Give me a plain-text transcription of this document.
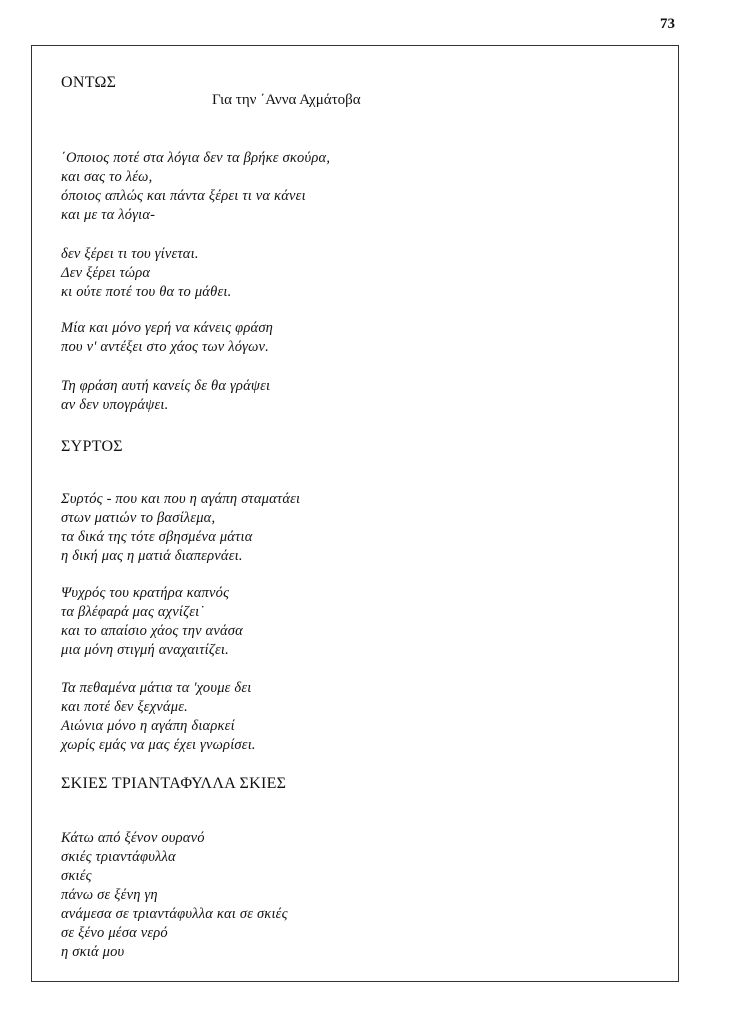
73
ΟΝΤΩΣ
Για την ΄Αννα Αχμάτοβα
΄Οποιος ποτέ στα λόγια δεν τα βρήκε σκούρα,
και σας το λέω,
όποιος απλώς και πάντα ξέρει τι να κάνει
και με τα λόγια-
δεν ξέρει τι του γίνεται.
Δεν ξέρει τώρα
κι ούτε ποτέ του θα το μάθει.
Μία και μόνο γερή να κάνεις φράση
που ν' αντέξει στο χάος των λόγων.
Τη φράση αυτή κανείς δε θα γράψει
αν δεν υπογράψει.
ΣΥΡΤΟΣ
Συρτός - που και που η αγάπη σταματάει
στων ματιών το βασίλεμα,
τα δικά της τότε σβησμένα μάτια
η δική μας η ματιά διαπερνάει.
Ψυχρός του κρατήρα καπνός
τα βλέφαρά μας αχνίζει˙
και το απαίσιο χάος την ανάσα
μια μόνη στιγμή αναχαιτίζει.
Τα πεθαμένα μάτια τα 'χουμε δει
και ποτέ δεν ξεχνάμε.
Αιώνια μόνο η αγάπη διαρκεί
χωρίς εμάς να μας έχει γνωρίσει.
ΣΚΙΕΣ ΤΡΙΑΝΤΑΦΥΛΛΑ ΣΚΙΕΣ
Κάτω από ξένον ουρανό
σκιές τριαντάφυλλα
σκιές
πάνω σε ξένη γη
ανάμεσα σε τριαντάφυλλα και σε σκιές
σε ξένο μέσα νερό
η σκιά μου
